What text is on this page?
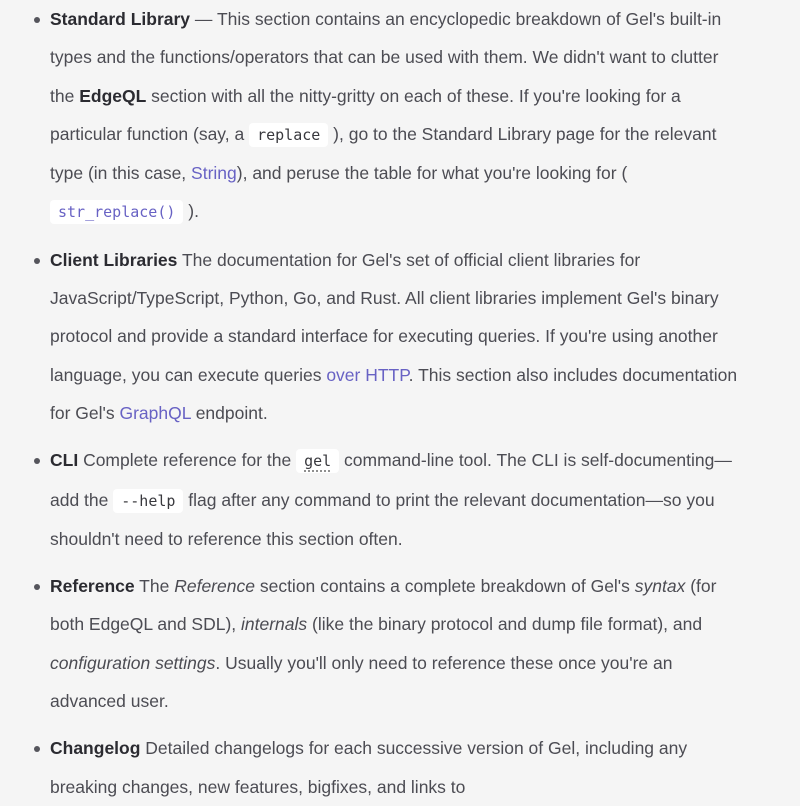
Standard Library — This section contains an encyclopedic breakdown of Gel's built-in types and the functions/operators that can be used with them. We didn't want to clutter the EdgeQL section with all the nitty-gritty on each of these. If you're looking for a particular function (say, a replace ), go to the Standard Library page for the relevant type (in this case, String), and peruse the table for what you're looking for ( str_replace() ).
Client Libraries The documentation for Gel's set of official client libraries for JavaScript/TypeScript, Python, Go, and Rust. All client libraries implement Gel's binary protocol and provide a standard interface for executing queries. If you're using another language, you can execute queries over HTTP. This section also includes documentation for Gel's GraphQL endpoint.
CLI Complete reference for the gel command-line tool. The CLI is self-documenting—add the --help flag after any command to print the relevant documentation—so you shouldn't need to reference this section often.
Reference The Reference section contains a complete breakdown of Gel's syntax (for both EdgeQL and SDL), internals (like the binary protocol and dump file format), and configuration settings. Usually you'll only need to reference these once you're an advanced user.
Changelog Detailed changelogs for each successive version of Gel, including any breaking changes, new features, bigfixes, and links to
